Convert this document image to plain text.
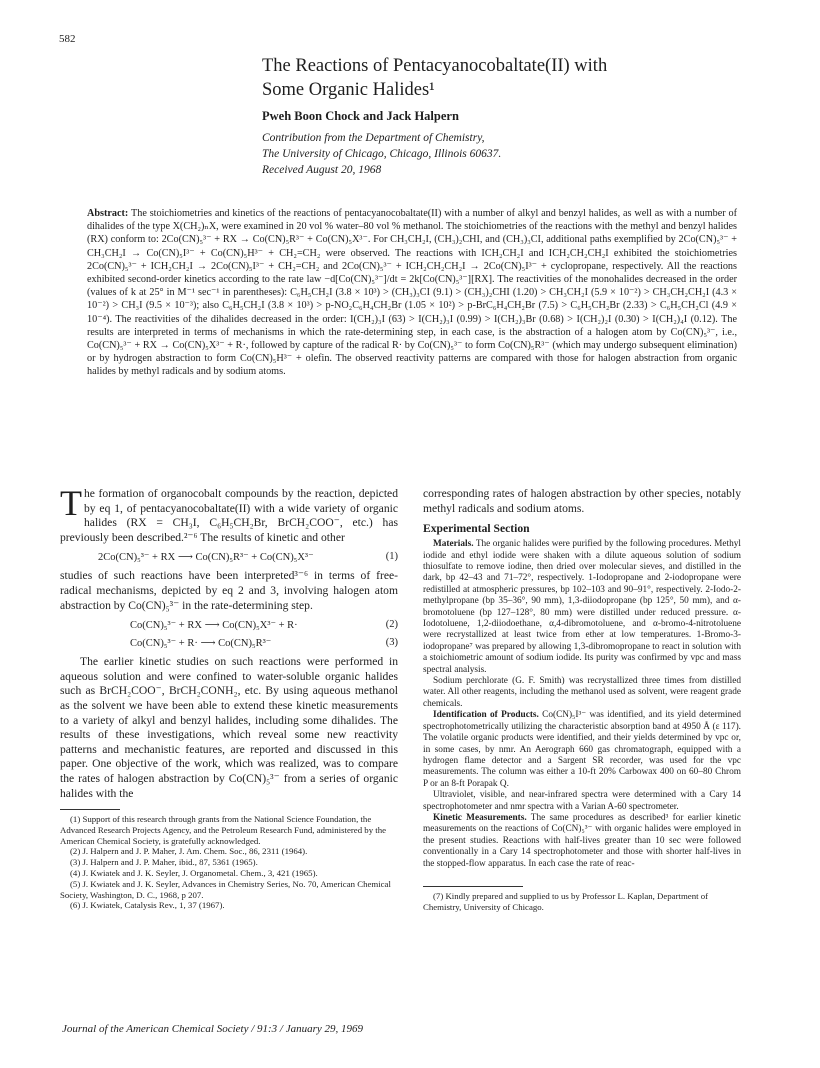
582
The Reactions of Pentacyanocobaltate(II) with
Some Organic Halides¹
Pweh Boon Chock and Jack Halpern
Contribution from the Department of Chemistry,
The University of Chicago, Chicago, Illinois 60637.
Received August 20, 1968
Abstract: The stoichiometries and kinetics of the reactions of pentacyanocobaltate(II) with a number of alkyl and benzyl halides, as well as with a number of dihalides of the type X(CH₂)ₙX, were examined in 20 vol % water–80 vol % methanol. The stoichiometries of the reactions with the methyl and benzyl halides (RX) conform to: 2Co(CN)₅³⁻ + RX → Co(CN)₅R³⁻ + Co(CN)₅X³⁻. For CH₃CH₂I, (CH₃)₂CHI, and (CH₃)₃CI, additional paths exemplified by 2Co(CN)₅³⁻ + CH₃CH₂I → Co(CN)₅I³⁻ + Co(CN)₅H³⁻ + CH₂=CH₂ were observed. The reactions with ICH₂CH₂I and ICH₂CH₂CH₂I exhibited the stoichiometries 2Co(CN)₅³⁻ + ICH₂CH₂I → 2Co(CN)₅I³⁻ + CH₂=CH₂ and 2Co(CN)₅³⁻ + ICH₂CH₂CH₂I → 2Co(CN)₅I³⁻ + cyclopropane, respectively. All the reactions exhibited second-order kinetics according to the rate law −d[Co(CN)₅³⁻]/dt = 2k[Co(CN)₅³⁻][RX]. The reactivities of the monohalides decreased in the order (values of k at 25° in M⁻¹ sec⁻¹ in parentheses): C₆H₅CH₂I (3.8 × 10³) > (CH₃)₃CI (9.1) > (CH₃)₂CHI (1.20) > CH₃CH₂I (5.9 × 10⁻²) > CH₃CH₂CH₂I (4.3 × 10⁻²) > CH₃I (9.5 × 10⁻³); also C₆H₅CH₂I (3.8 × 10³) > p-NO₂C₆H₄CH₂Br (1.05 × 10²) > p-BrC₆H₄CH₂Br (7.5) > C₆H₅CH₂Br (2.33) > C₆H₅CH₂Cl (4.9 × 10⁻⁴). The reactivities of the dihalides decreased in the order: I(CH₂)₃I (63) > I(CH₂)₃I (0.99) > I(CH₂)₃Br (0.68) > I(CH₂)₂I (0.30) > I(CH₂)₄I (0.12). The results are interpreted in terms of mechanisms in which the rate-determining step, in each case, is the abstraction of a halogen atom by Co(CN)₅³⁻, i.e., Co(CN)₅³⁻ + RX → Co(CN)₅X³⁻ + R·, followed by capture of the radical R· by Co(CN)₅³⁻ to form Co(CN)₅R³⁻ (which may undergo subsequent elimination) or by hydrogen abstraction to form Co(CN)₅H³⁻ + olefin. The observed reactivity patterns are compared with those for halogen abstraction from organic halides by methyl radicals and by sodium atoms.

The formation of organocobalt compounds by the reaction, depicted by eq 1, of pentacyanocobaltate(II) with a wide variety of organic halides (RX = CH₃I, C₆H₅CH₂Br, BrCH₂COO⁻, etc.) has previously been described.²⁻⁶ The results of kinetic and other

2Co(CN)₅³⁻ + RX ⟶ Co(CN)₅R³⁻ + Co(CN)₅X³⁻	(1)

studies of such reactions have been interpreted³⁻⁶ in terms of free-radical mechanisms, depicted by eq 2 and 3, involving halogen atom abstraction by Co(CN)₅³⁻ in the rate-determining step.

Co(CN)₅³⁻ + RX ⟶ Co(CN)₅X³⁻ + R·	(2)
Co(CN)₅³⁻ + R· ⟶ Co(CN)₅R³⁻	(3)

The earlier kinetic studies on such reactions were performed in aqueous solution and were confined to water-soluble organic halides such as BrCH₂COO⁻, BrCH₂CONH₂, etc. By using aqueous methanol as the solvent we have been able to extend these kinetic measurements to a variety of alkyl and benzyl halides, including some dihalides. The results of these investigations, which reveal some new reactivity patterns and mechanistic features, are reported and discussed in this paper. One objective of the work, which was realized, was to compare the rates of halogen abstraction by Co(CN)₅³⁻ from a series of organic halides with the

(1) Support of this research through grants from the National Science Foundation, the Advanced Research Projects Agency, and the Petroleum Research Fund, administered by the American Chemical Society, is gratefully acknowledged.
(2) J. Halpern and J. P. Maher, J. Am. Chem. Soc., 86, 2311 (1964).
(3) J. Halpern and J. P. Maher, ibid., 87, 5361 (1965).
(4) J. Kwiatek and J. K. Seyler, J. Organometal. Chem., 3, 421 (1965).
(5) J. Kwiatek and J. K. Seyler, Advances in Chemistry Series, No. 70, American Chemical Society, Washington, D. C., 1968, p 207.
(6) J. Kwiatek, Catalysis Rev., 1, 37 (1967).

corresponding rates of halogen abstraction by other species, notably methyl radicals and sodium atoms.

Experimental Section

Materials. The organic halides were purified by the following procedures. Methyl iodide and ethyl iodide were shaken with a dilute aqueous solution of sodium thiosulfate to remove iodine, then dried over molecular sieves, and distilled in the dark, bp 42–43 and 71–72°, respectively. 1-Iodopropane and 2-iodopropane were redistilled at atmospheric pressures, bp 102–103 and 90–91°, respectively. 2-Iodo-2-methylpropane (bp 35–36°, 90 mm), 1,3-diiodopropane (bp 125°, 50 mm), and α-bromotoluene (bp 127–128°, 80 mm) were distilled under reduced pressure. α-Iodotoluene, 1,2-diiodoethane, α,4-dibromotoluene, and α-bromo-4-nitrotoluene were recrystallized at least twice from ether at low temperatures. 1-Bromo-3-iodopropane⁷ was prepared by allowing 1,3-dibromopropane to react in solution with a stoichiometric amount of sodium iodide. Its purity was confirmed by vpc and mass spectral analysis.

Sodium perchlorate (G. F. Smith) was recrystallized three times from distilled water. All other reagents, including the methanol used as solvent, were reagent grade chemicals.

Identification of Products. Co(CN)₅I³⁻ was identified, and its yield determined spectrophotometrically utilizing the characteristic absorption band at 4950 Å (ε 117). The volatile organic products were identified, and their yields determined by vpc or, in some cases, by nmr. An Aerograph 660 gas chromatograph, equipped with a hydrogen flame detector and a Sargent SR recorder, was used for the vpc measurements. The column was either a 10-ft 20% Carbowax 400 on 60–80 Chrom P or an 8-ft Porapak Q.

Ultraviolet, visible, and near-infrared spectra were determined with a Cary 14 spectrophotometer and nmr spectra with a Varian A-60 spectrometer.

Kinetic Measurements. The same procedures as described³ for earlier kinetic measurements on the reactions of Co(CN)₅³⁻ with organic halides were employed in the present studies. Reactions with half-lives greater than 10 sec were followed conventionally in a Cary 14 spectrophotometer and those with shorter half-lives in the stopped-flow apparatus. In each case the rate of reac-

(7) Kindly prepared and supplied to us by Professor L. Kaplan, Department of Chemistry, University of Chicago.
Journal of the American Chemical Society / 91:3 / January 29, 1969
